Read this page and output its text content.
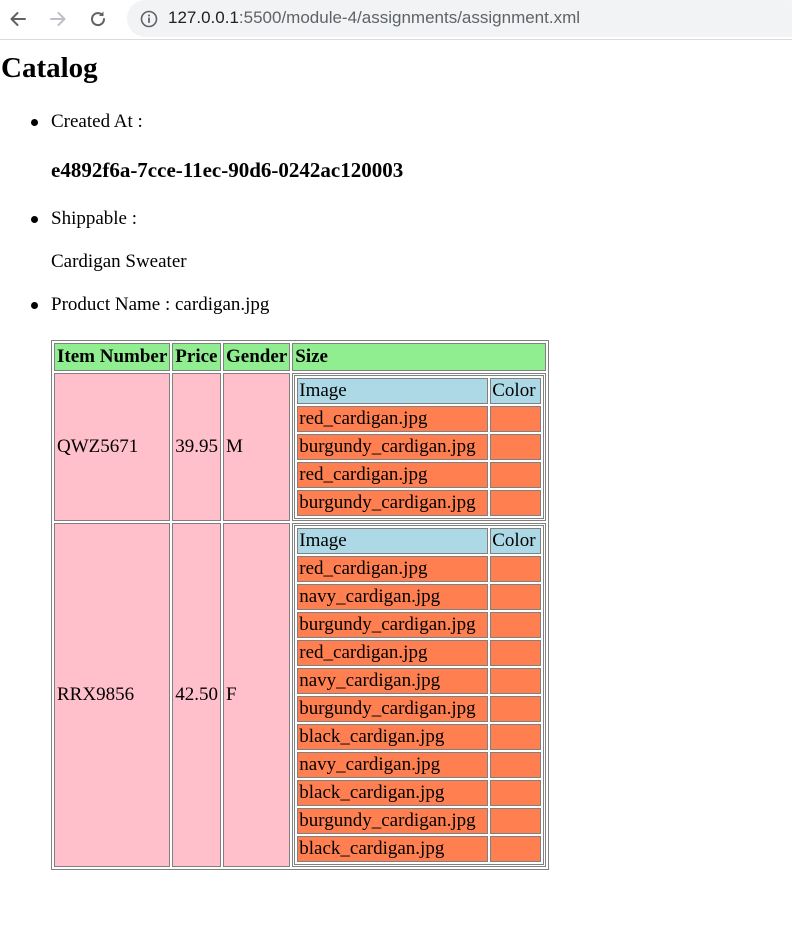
127.0.0.1:5500/module-4/assignments/assignment.xml
Catalog
Created At :
e4892f6a-7cce-11ec-90d6-0242ac120003
Shippable :
Cardigan Sweater
Product Name : cardigan.jpg
Item Number	Price	Gender	Size
QWZ5671	39.95	M	
Image	Color
red_cardigan.jpg	
burgundy_cardigan.jpg	
red_cardigan.jpg	
burgundy_cardigan.jpg	

RRX9856	42.50	F	
Image	Color
red_cardigan.jpg	
navy_cardigan.jpg	
burgundy_cardigan.jpg	
red_cardigan.jpg	
navy_cardigan.jpg	
burgundy_cardigan.jpg	
black_cardigan.jpg	
navy_cardigan.jpg	
black_cardigan.jpg	
burgundy_cardigan.jpg	
black_cardigan.jpg	
